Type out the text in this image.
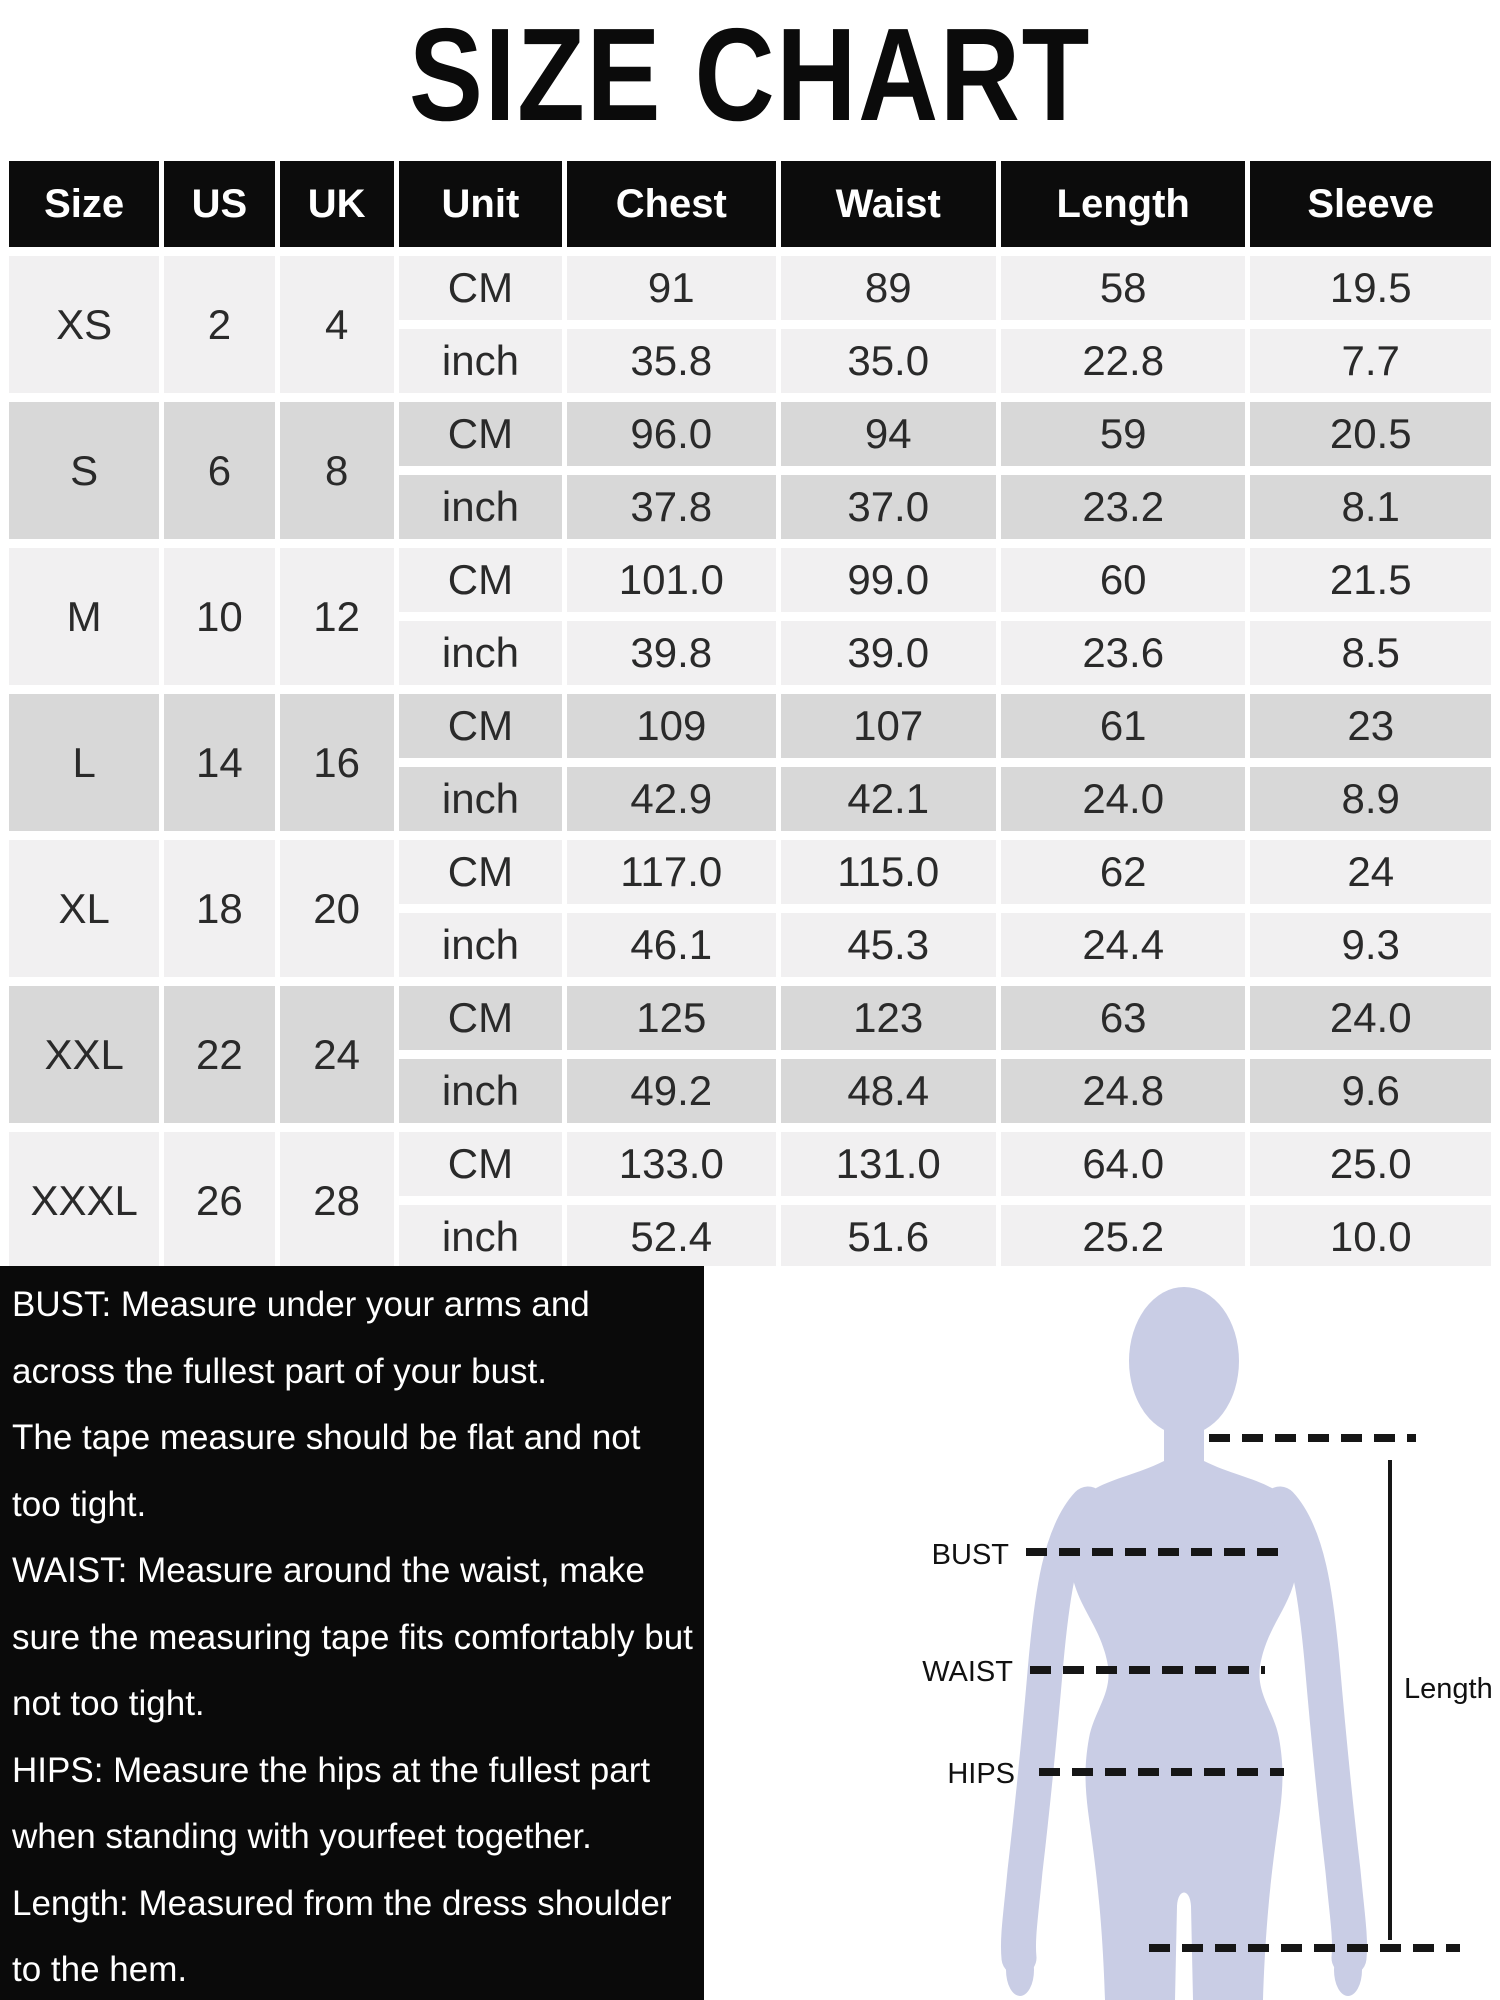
SIZE CHART
Size	US	UK	Unit	Chest	Waist	Length	Sleeve
XS	2	4	CM	91	89	58	19.5
			inch	35.8	35.0	22.8	7.7
S	6	8	CM	96.0	94	59	20.5
			inch	37.8	37.0	23.2	8.1
M	10	12	CM	101.0	99.0	60	21.5
			inch	39.8	39.0	23.6	8.5
L	14	16	CM	109	107	61	23
			inch	42.9	42.1	24.0	8.9
XL	18	20	CM	117.0	115.0	62	24
			inch	46.1	45.3	24.4	9.3
XXL	22	24	CM	125	123	63	24.0
			inch	49.2	48.4	24.8	9.6
XXXL	26	28	CM	133.0	131.0	64.0	25.0
			inch	52.4	51.6	25.2	10.0

BUST: Measure under your arms and across the fullest part of your bust.

The tape measure should be flat and not too tight.

WAIST: Measure around the waist, make sure the measuring tape fits comfortably but not too tight.

HIPS: Measure the hips at the fullest part when standing with yourfeet together.

Length: Measured from the dress shoulder to the hem.

BUST
WAIST
HIPS
Length
